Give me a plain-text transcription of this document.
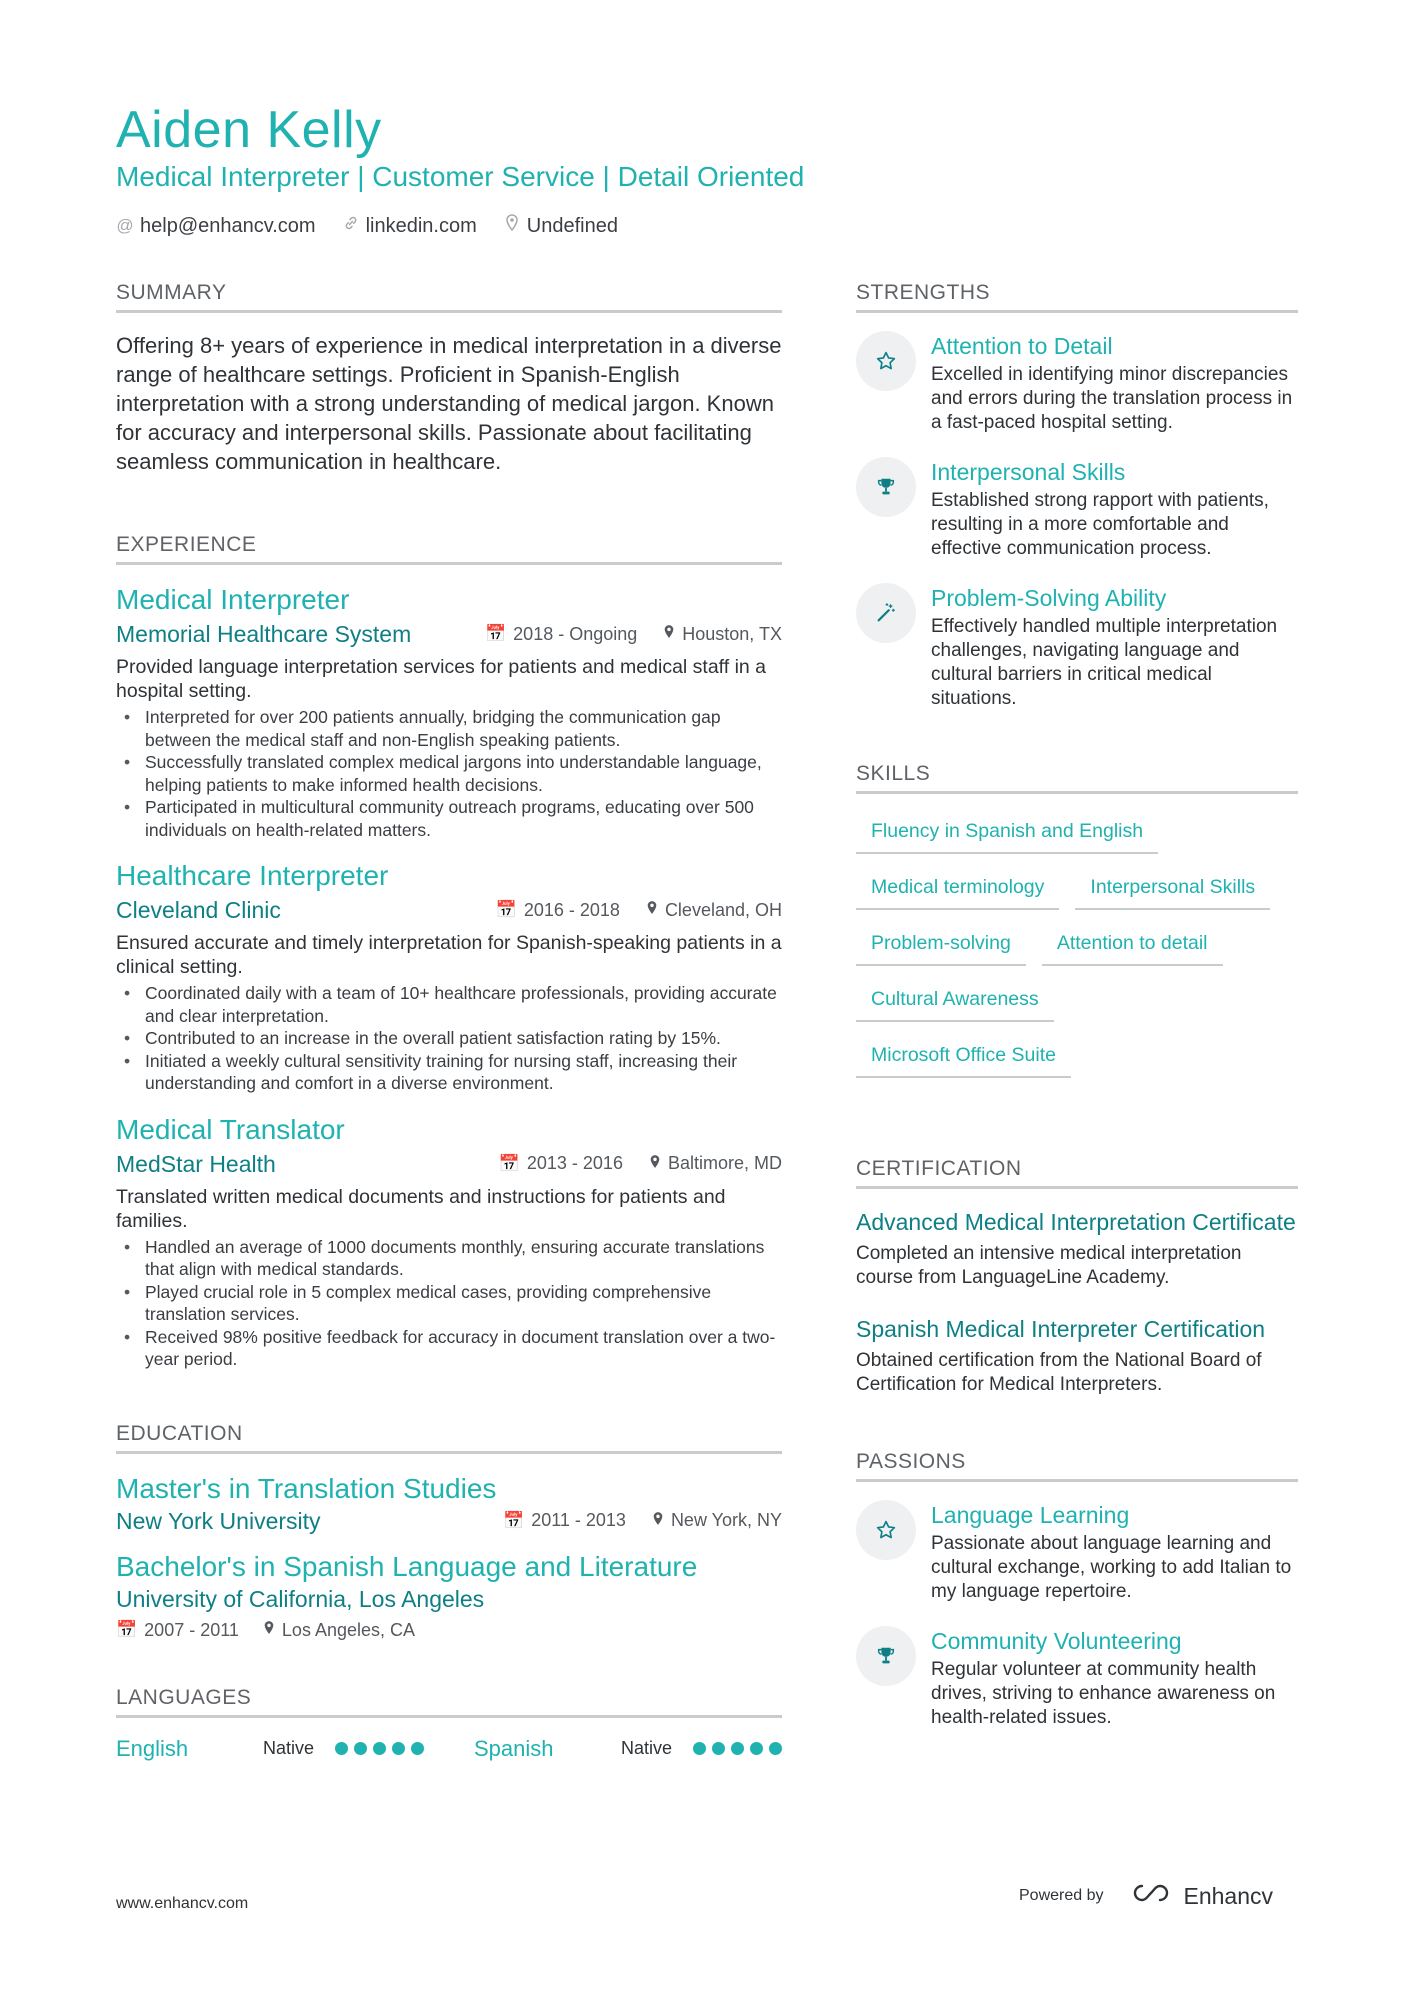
Aiden Kelly
Medical Interpreter | Customer Service | Detail Oriented
@ help@enhancv.com	linkedin.com	Undefined
SUMMARY
Offering 8+ years of experience in medical interpretation in a diverse range of healthcare settings. Proficient in Spanish-English interpretation with a strong understanding of medical jargon. Known for accuracy and interpersonal skills. Passionate about facilitating seamless communication in healthcare.
EXPERIENCE
Medical Interpreter
Memorial Healthcare System	📅 2018 - Ongoing	Houston, TX
Provided language interpretation services for patients and medical staff in a hospital setting.
• Interpreted for over 200 patients annually, bridging the communication gap between the medical staff and non-English speaking patients.
• Successfully translated complex medical jargons into understandable language, helping patients to make informed health decisions.
• Participated in multicultural community outreach programs, educating over 500 individuals on health-related matters.
Healthcare Interpreter
Cleveland Clinic	📅 2016 - 2018	Cleveland, OH
Ensured accurate and timely interpretation for Spanish-speaking patients in a clinical setting.
• Coordinated daily with a team of 10+ healthcare professionals, providing accurate and clear interpretation.
• Contributed to an increase in the overall patient satisfaction rating by 15%.
• Initiated a weekly cultural sensitivity training for nursing staff, increasing their understanding and comfort in a diverse environment.
Medical Translator
MedStar Health	📅 2013 - 2016	Baltimore, MD
Translated written medical documents and instructions for patients and families.
• Handled an average of 1000 documents monthly, ensuring accurate translations that align with medical standards.
• Played crucial role in 5 complex medical cases, providing comprehensive translation services.
• Received 98% positive feedback for accuracy in document translation over a two-year period.
EDUCATION
Master's in Translation Studies
New York University	📅 2011 - 2013	New York, NY
Bachelor's in Spanish Language and Literature
University of California, Los Angeles
📅 2007 - 2011 Los Angeles, CA
LANGUAGES
English	Native	Spanish	Native
STRENGTHS
Attention to Detail
Excelled in identifying minor discrepancies and errors during the translation process in a fast-paced hospital setting.
Interpersonal Skills
Established strong rapport with patients, resulting in a more comfortable and effective communication process.
Problem-Solving Ability
Effectively handled multiple interpretation challenges, navigating language and cultural barriers in critical medical situations.
SKILLS
Fluency in Spanish and English
Medical terminology	Interpersonal Skills
Problem-solving	Attention to detail
Cultural Awareness
Microsoft Office Suite
CERTIFICATION
Advanced Medical Interpretation Certificate
Completed an intensive medical interpretation course from LanguageLine Academy.
Spanish Medical Interpreter Certification
Obtained certification from the National Board of Certification for Medical Interpreters.
PASSIONS
Language Learning
Passionate about language learning and cultural exchange, working to add Italian to my language repertoire.
Community Volunteering
Regular volunteer at community health drives, striving to enhance awareness on health-related issues.
www.enhancv.com	Powered by	Enhancv
